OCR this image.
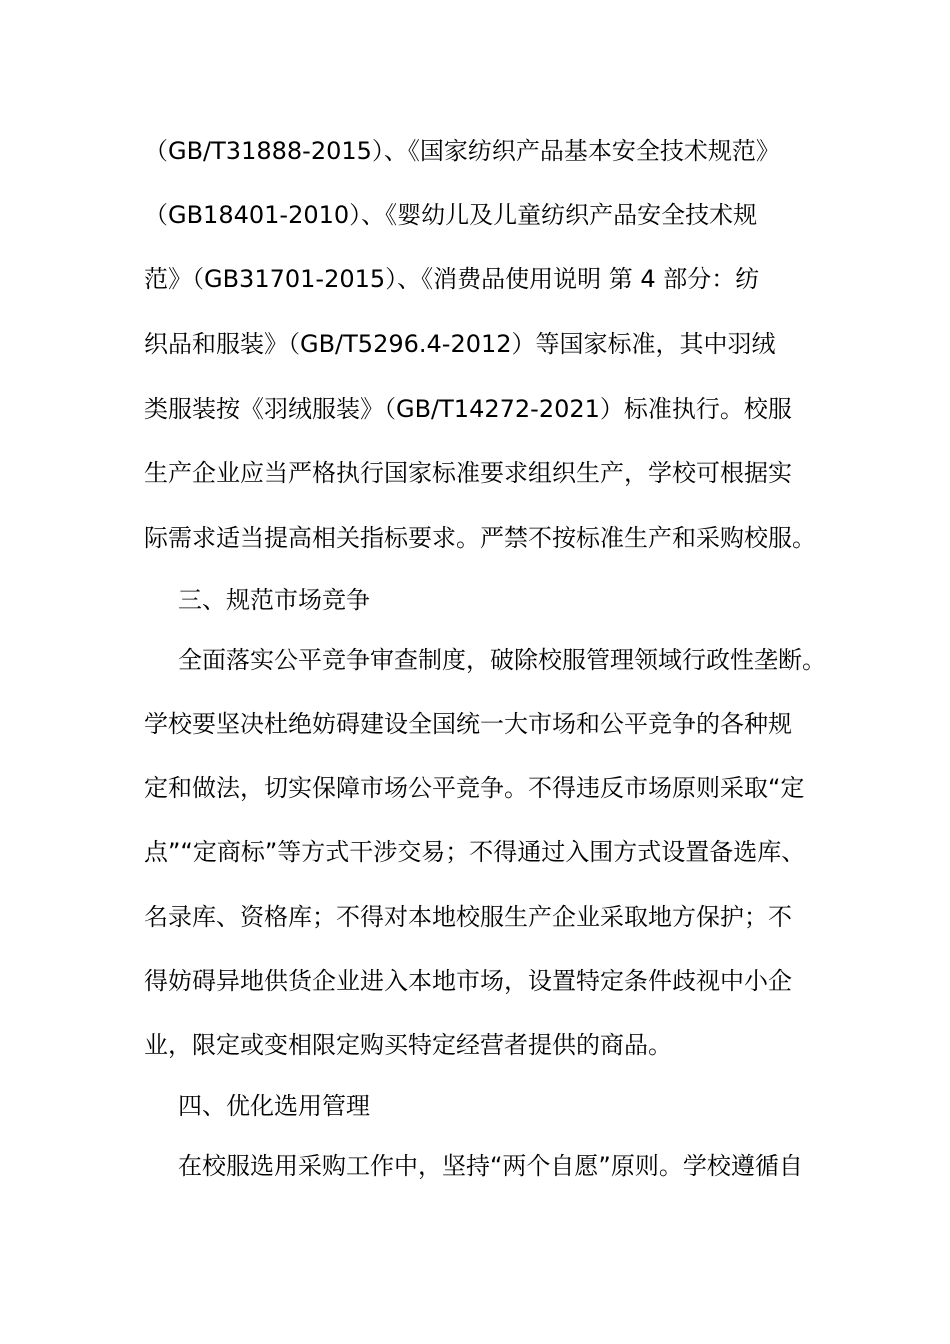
（GB/T31888-2015）、《国家纺织产品基本安全技术规范》
（GB18401-2010）、《婴幼儿及儿童纺织产品安全技术规
范》（GB31701-2015）、《消费品使用说明 第 4 部分：纺
织品和服装》（GB/T5296.4-2012）等国家标准，其中羽绒
类服装按《羽绒服装》（GB/T14272-2021）标准执行。校服
生产企业应当严格执行国家标准要求组织生产，学校可根据实
际需求适当提高相关指标要求。严禁不按标准生产和采购校服。
三、规范市场竞争
全面落实公平竞争审查制度，破除校服管理领域行政性垄断。
学校要坚决杜绝妨碍建设全国统一大市场和公平竞争的各种规
定和做法，切实保障市场公平竞争。不得违反市场原则采取“定
点”“定商标”等方式干涉交易；不得通过入围方式设置备选库、
名录库、资格库；不得对本地校服生产企业采取地方保护；不
得妨碍异地供货企业进入本地市场，设置特定条件歧视中小企
业，限定或变相限定购买特定经营者提供的商品。
四、优化选用管理
在校服选用采购工作中，坚持“两个自愿”原则。学校遵循自
